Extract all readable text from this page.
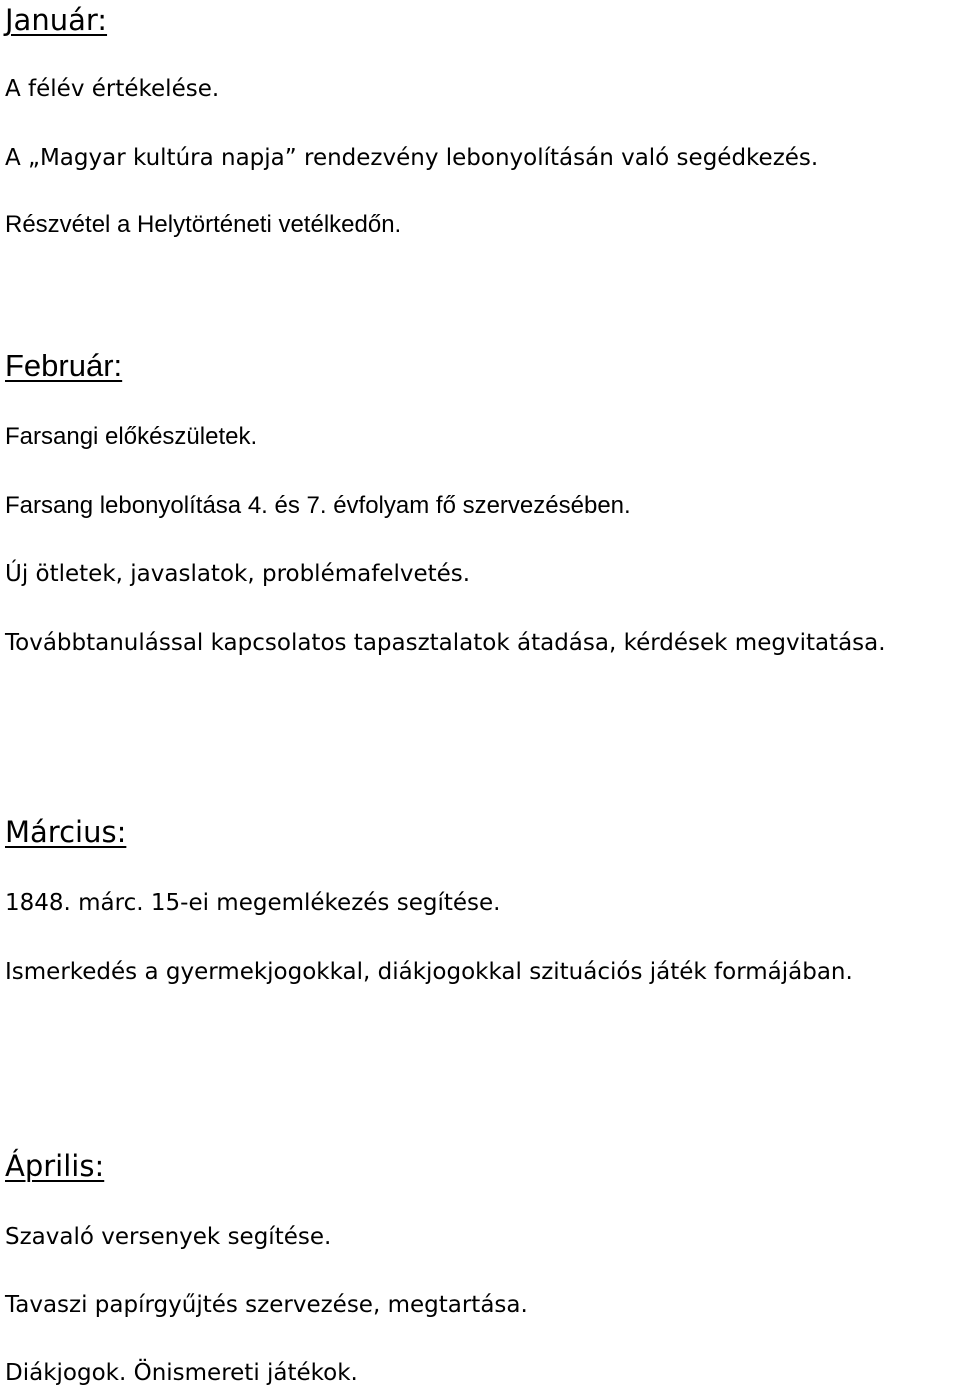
Január:

A félév értékelése.

A „Magyar kultúra napja” rendezvény lebonyolításán való segédkezés.

Részvétel a Helytörténeti vetélkedőn.

Február:

Farsangi előkészületek.

Farsang lebonyolítása 4. és 7. évfolyam fő szervezésében.

Új ötletek, javaslatok, problémafelvetés.

Továbbtanulással kapcsolatos tapasztalatok átadása, kérdések megvitatása.

Március:

1848. márc. 15-ei megemlékezés segítése.

Ismerkedés a gyermekjogokkal, diákjogokkal szituációs játék formájában.

Április:

Szavaló versenyek segítése.

Tavaszi papírgyűjtés szervezése, megtartása.

Diákjogok. Önismereti játékok.
